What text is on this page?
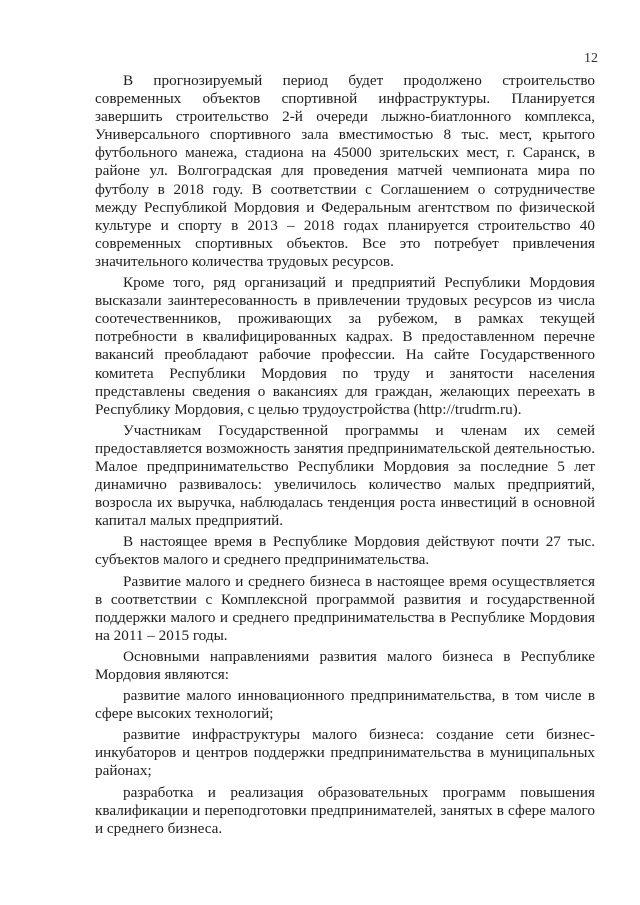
12

В прогнозируемый период будет продолжено строительство современных объектов спортивной инфраструктуры. Планируется завершить строительство 2-й очереди лыжно-биатлонного комплекса, Универсального спортивного зала вместимостью 8 тыс. мест, крытого футбольного манежа, стадиона на 45000 зрительских мест, г. Саранск, в районе ул. Волгоградская для проведения матчей чемпионата мира по футболу в 2018 году. В соответствии с Соглашением о сотрудничестве между Республикой Мордовия и Федеральным агентством по физической культуре и спорту в 2013 – 2018 годах планируется строительство 40 современных спортивных объектов. Все это потребует привлечения значительного количества трудовых ресурсов.

Кроме того, ряд организаций и предприятий Республики Мордовия высказали заинтересованность в привлечении трудовых ресурсов из числа соотечественников, проживающих за рубежом, в рамках текущей потребности в квалифицированных кадрах. В предоставленном перечне вакансий преобладают рабочие профессии. На сайте Государственного комитета Республики Мордовия по труду и занятости населения представлены сведения о вакансиях для граждан, желающих переехать в Республику Мордовия, с целью трудоустройства (http://trudrm.ru).

Участникам Государственной программы и членам их семей предоставляется возможность занятия предпринимательской деятельностью. Малое предпринимательство Республики Мордовия за последние 5 лет динамично развивалось: увеличилось количество малых предприятий, возросла их выручка, наблюдалась тенденция роста инвестиций в основной капитал малых предприятий.

В настоящее время в Республике Мордовия действуют почти 27 тыс. субъектов малого и среднего предпринимательства.

Развитие малого и среднего бизнеса в настоящее время осуществляется в соответствии с Комплексной программой развития и государственной поддержки малого и среднего предпринимательства в Республике Мордовия на 2011 – 2015 годы.

Основными направлениями развития малого бизнеса в Республике Мордовия являются:

развитие малого инновационного предпринимательства, в том числе в сфере высоких технологий;

развитие инфраструктуры малого бизнеса: создание сети бизнес-инкубаторов и центров поддержки предпринимательства в муниципальных районах;

разработка и реализация образовательных программ повышения квалификации и переподготовки предпринимателей, занятых в сфере малого и среднего бизнеса.
